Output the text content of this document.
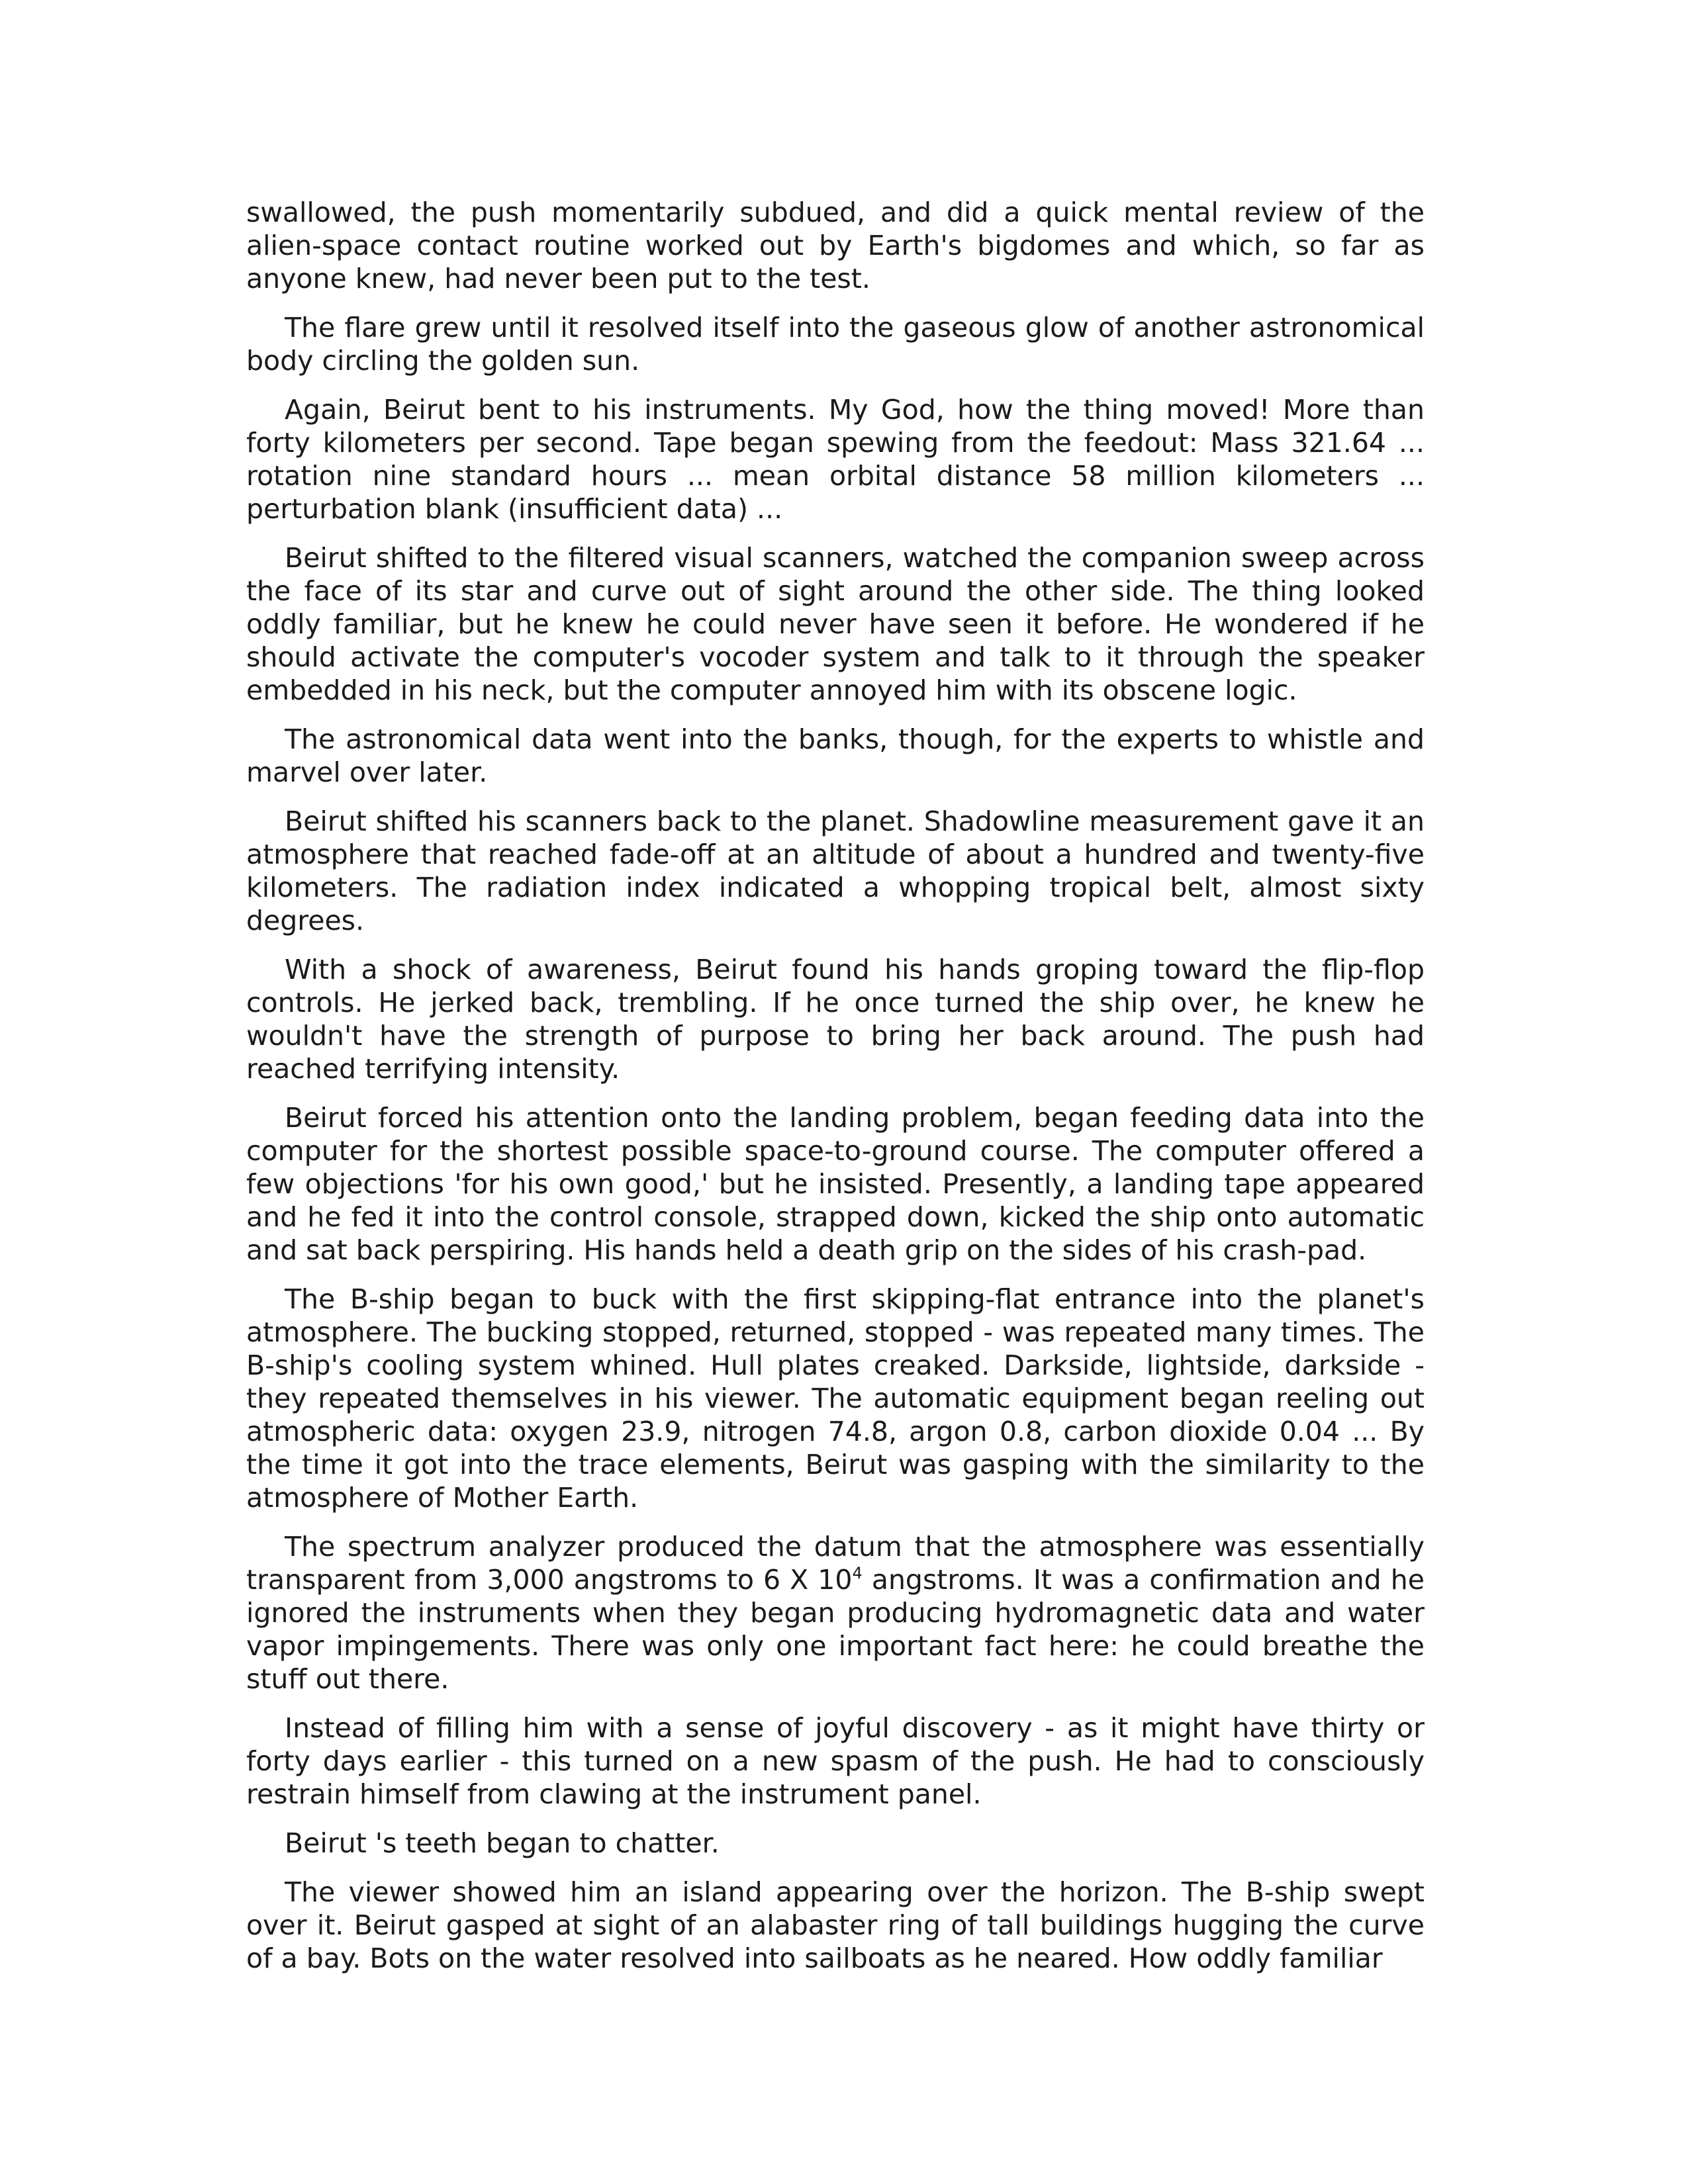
swallowed, the push momentarily subdued, and did a quick mental review of the alien-space contact routine worked out by Earth's bigdomes and which, so far as anyone knew, had never been put to the test.

The flare grew until it resolved itself into the gaseous glow of another astronomical body circling the golden sun.

Again, Beirut bent to his instruments. My God, how the thing moved! More than forty kilometers per second. Tape began spewing from the feedout: Mass 321.64 ... rotation nine standard hours ... mean orbital distance 58 million kilometers ... perturbation blank (insufficient data) ...

Beirut shifted to the filtered visual scanners, watched the companion sweep across the face of its star and curve out of sight around the other side. The thing looked oddly familiar, but he knew he could never have seen it before. He wondered if he should activate the computer's vocoder system and talk to it through the speaker embedded in his neck, but the computer annoyed him with its obscene logic.

The astronomical data went into the banks, though, for the experts to whistle and marvel over later.

Beirut shifted his scanners back to the planet. Shadowline measurement gave it an atmosphere that reached fade-off at an altitude of about a hundred and twenty-five kilometers. The radiation index indicated a whopping tropical belt, almost sixty degrees.

With a shock of awareness, Beirut found his hands groping toward the flip-flop controls. He jerked back, trembling. If he once turned the ship over, he knew he wouldn't have the strength of purpose to bring her back around. The push had reached terrifying intensity.

Beirut forced his attention onto the landing problem, began feeding data into the computer for the shortest possible space-to-ground course. The computer offered a few objections 'for his own good,' but he insisted. Presently, a landing tape appeared and he fed it into the control console, strapped down, kicked the ship onto automatic and sat back perspiring. His hands held a death grip on the sides of his crash-pad.

The B-ship began to buck with the first skipping-flat entrance into the planet's atmosphere. The bucking stopped, returned, stopped - was repeated many times. The B-ship's cooling system whined. Hull plates creaked. Darkside, lightside, darkside - they repeated themselves in his viewer. The automatic equipment began reeling out atmospheric data: oxygen 23.9, nitrogen 74.8, argon 0.8, carbon dioxide 0.04 ... By the time it got into the trace elements, Beirut was gasping with the similarity to the atmosphere of Mother Earth.

The spectrum analyzer produced the datum that the atmosphere was essentially transparent from 3,000 angstroms to 6 X $10^4$ angstroms. It was a confirmation and he ignored the instruments when they began producing hydromagnetic data and water vapor impingements. There was only one important fact here: he could breathe the stuff out there.

Instead of filling him with a sense of joyful discovery - as it might have thirty or forty days earlier - this turned on a new spasm of the push. He had to consciously restrain himself from clawing at the instrument panel.

Beirut 's teeth began to chatter.

The viewer showed him an island appearing over the horizon. The B-ship swept over it. Beirut gasped at sight of an alabaster ring of tall buildings hugging the curve of a bay. Bots on the water resolved into sailboats as he neared. How oddly familiar
